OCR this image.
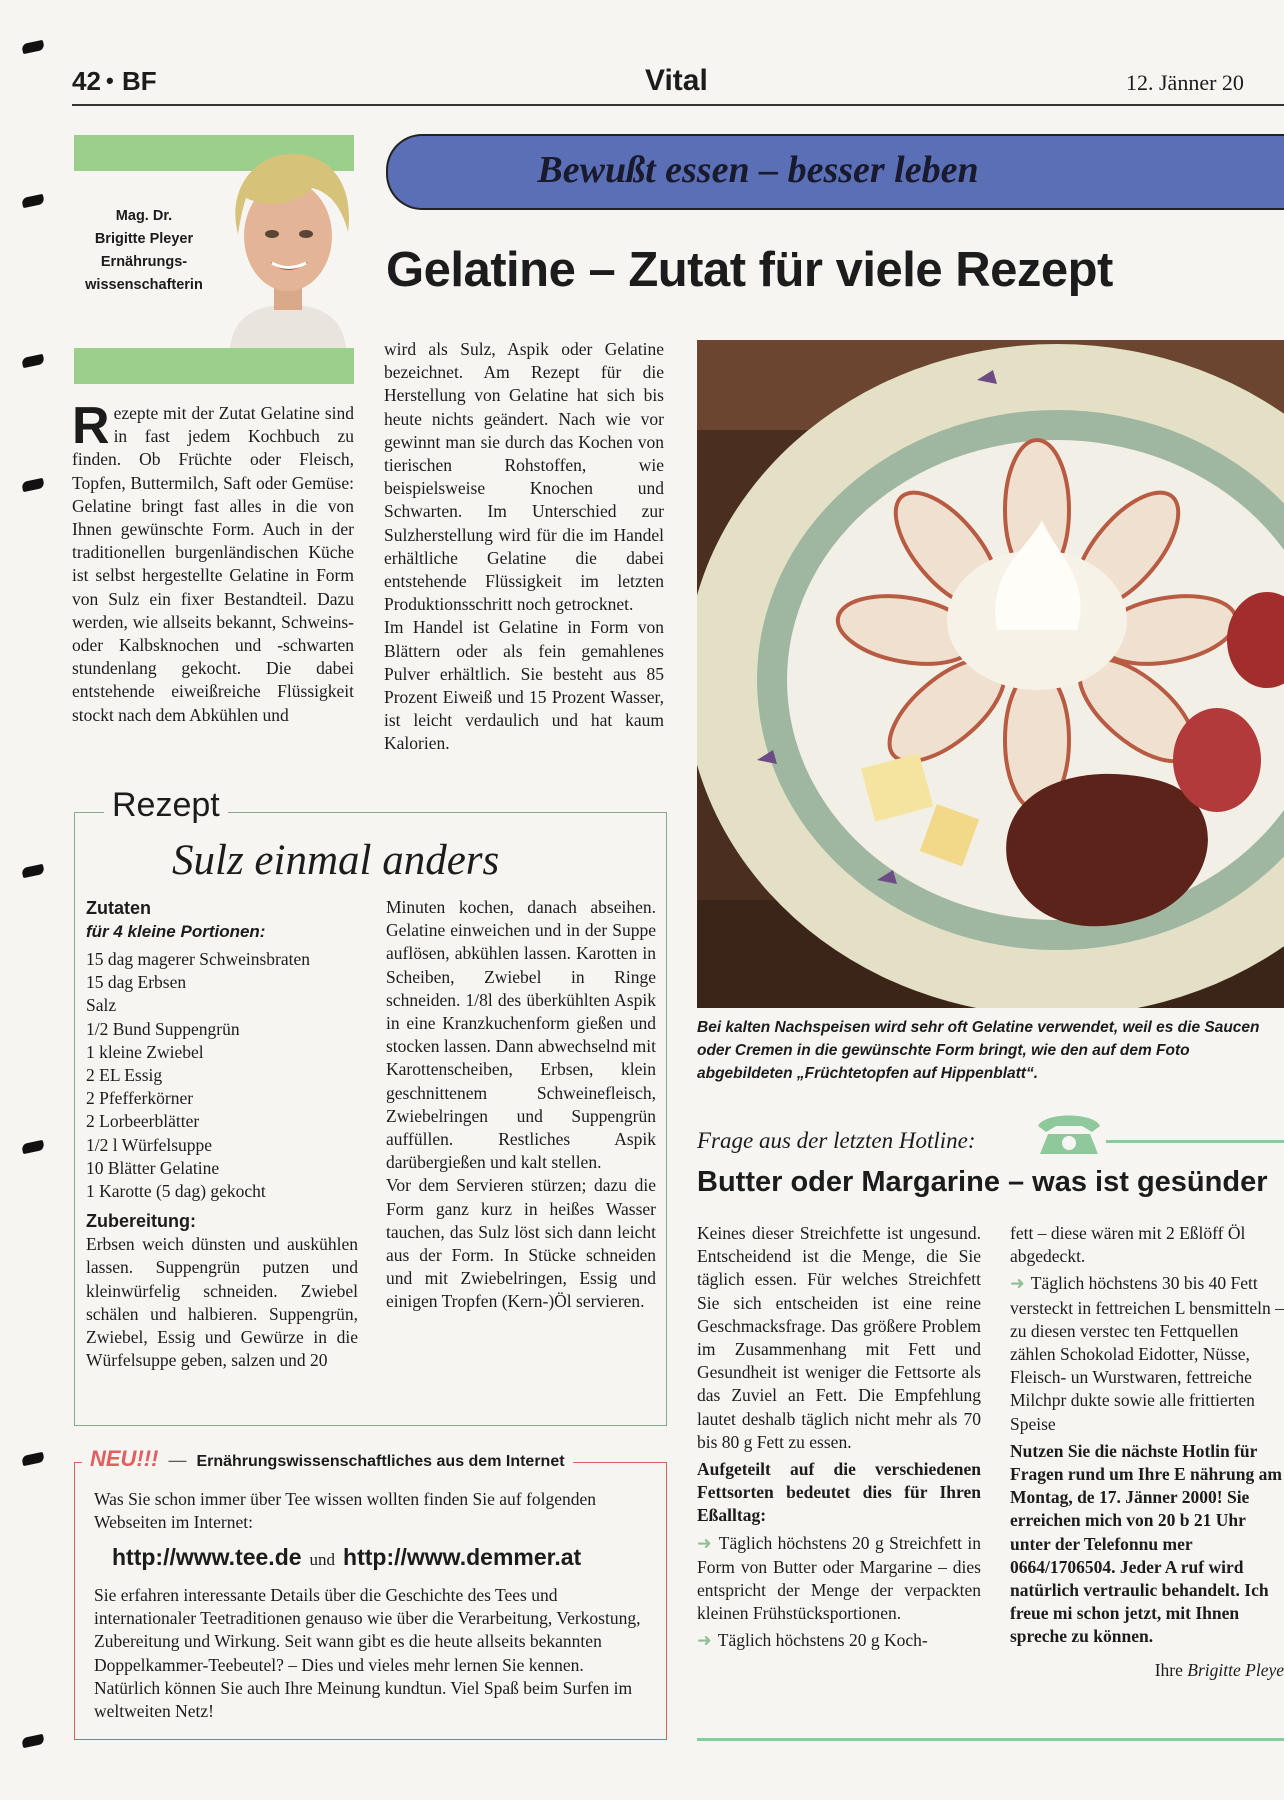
42 • BF	Vital	12. Jänner 20
Mag. Dr.
Brigitte Pleyer
Ernährungs-
wissenschafterin
Bewußt essen – besser leben
Gelatine – Zutat für viele Rezept
R ezepte mit der Zutat Gelatine sind in fast jedem Kochbuch zu finden. Ob Früchte oder Fleisch, Topfen, Buttermilch, Saft oder Gemüse: Gelatine bringt fast alles in die von Ihnen gewünschte Form. Auch in der traditionellen burgenländischen Küche ist selbst hergestellte Gelatine in Form von Sulz ein fixer Bestandteil. Dazu werden, wie allseits bekannt, Schweins- oder Kalbsknochen und -schwarten stundenlang gekocht. Die dabei entstehende eiweißreiche Flüssigkeit stockt nach dem Abkühlen und

wird als Sulz, Aspik oder Gelatine bezeichnet. Am Rezept für die Herstellung von Gelatine hat sich bis heute nichts geändert. Nach wie vor gewinnt man sie durch das Kochen von tierischen Rohstoffen, wie beispielsweise Knochen und Schwarten. Im Unterschied zur Sulzherstellung wird für die im Handel erhältliche Gelatine die dabei entstehende Flüssigkeit im letzten Produktionsschritt noch getrocknet.

Im Handel ist Gelatine in Form von Blättern oder als fein gemahlenes Pulver erhältlich. Sie besteht aus 85 Prozent Eiweiß und 15 Prozent Wasser, ist leicht verdaulich und hat kaum Kalorien.

Bei kalten Nachspeisen wird sehr oft Gelatine verwendet, weil es die Saucen oder Cremen in die gewünschte Form bringt, wie den auf dem Foto abgebildeten „Früchtetopfen auf Hippenblatt“.
Rezept
Sulz einmal anders
Zutaten
für 4 kleine Portionen:
15 dag magerer Schweinsbraten
15 dag Erbsen
Salz
1/2 Bund Suppengrün
1 kleine Zwiebel
2 EL Essig
2 Pfefferkörner
2 Lorbeerblätter
1/2 l Würfelsuppe
10 Blätter Gelatine
1 Karotte (5 dag) gekocht
Zubereitung:
Erbsen weich dünsten und auskühlen lassen. Suppengrün putzen und kleinwürfelig schneiden. Zwiebel schälen und halbieren. Suppengrün, Zwiebel, Essig und Gewürze in die Würfelsuppe geben, salzen und 20

Minuten kochen, danach abseihen. Gelatine einweichen und in der Suppe auflösen, abkühlen lassen. Karotten in Scheiben, Zwiebel in Ringe schneiden. 1/8l des überkühlten Aspik in eine Kranzkuchenform gießen und stocken lassen. Dann abwechselnd mit Karottenscheiben, Erbsen, klein geschnittenem Schweinefleisch, Zwiebelringen und Suppengrün auffüllen. Restliches Aspik darübergießen und kalt stellen.

Vor dem Servieren stürzen; dazu die Form ganz kurz in heißes Wasser tauchen, das Sulz löst sich dann leicht aus der Form. In Stücke schneiden und mit Zwiebelringen, Essig und einigen Tropfen (Kern-)Öl servieren.

NEU!!! — Ernährungswissenschaftliches aus dem Internet
Was Sie schon immer über Tee wissen wollten finden Sie auf folgenden Webseiten im Internet:
http://www.tee.de und http://www.demmer.at
Sie erfahren interessante Details über die Geschichte des Tees und internationaler Teetraditionen genauso wie über die Verarbeitung, Verkostung, Zubereitung und Wirkung. Seit wann gibt es die heute allseits bekannten Doppelkammer-Teebeutel? – Dies und vieles mehr lernen Sie kennen. Natürlich können Sie auch Ihre Meinung kundtun. Viel Spaß beim Surfen im weltweiten Netz!
Frage aus der letzten Hotline:
Butter oder Margarine – was ist gesünder

Keines dieser Streichfette ist ungesund. Entscheidend ist die Menge, die Sie täglich essen. Für welches Streichfett Sie sich entscheiden ist eine reine Geschmacksfrage. Das größere Problem im Zusammenhang mit Fett und Gesundheit ist weniger die Fettsorte als das Zuviel an Fett. Die Empfehlung lautet deshalb täglich nicht mehr als 70 bis 80 g Fett zu essen.

Aufgeteilt auf die verschiedenen Fettsorten bedeutet dies für Ihren Eßalltag:

➜ Täglich höchstens 20 g Streichfett in Form von Butter oder Margarine – dies entspricht der Menge der verpackten kleinen Frühstücksportionen.

➜ Täglich höchstens 20 g Koch-

fett – diese wären mit 2 Eßlöff Öl abgedeckt.

➜ Täglich höchstens 30 bis 40 Fett versteckt in fettreichen L bensmitteln – zu diesen verstec ten Fettquellen zählen Schokolad Eidotter, Nüsse, Fleisch- un Wurstwaren, fettreiche Milchpr dukte sowie alle frittierten Speise

Nutzen Sie die nächste Hotlin für Fragen rund um Ihre E nährung am Montag, de 17. Jänner 2000! Sie erreichen mich von 20 b 21 Uhr unter der Telefonnu mer 0664/1706504. Jeder A ruf wird natürlich vertraulic behandelt. Ich freue mi schon jetzt, mit Ihnen spreche zu können.

Ihre Brigitte Pleye
